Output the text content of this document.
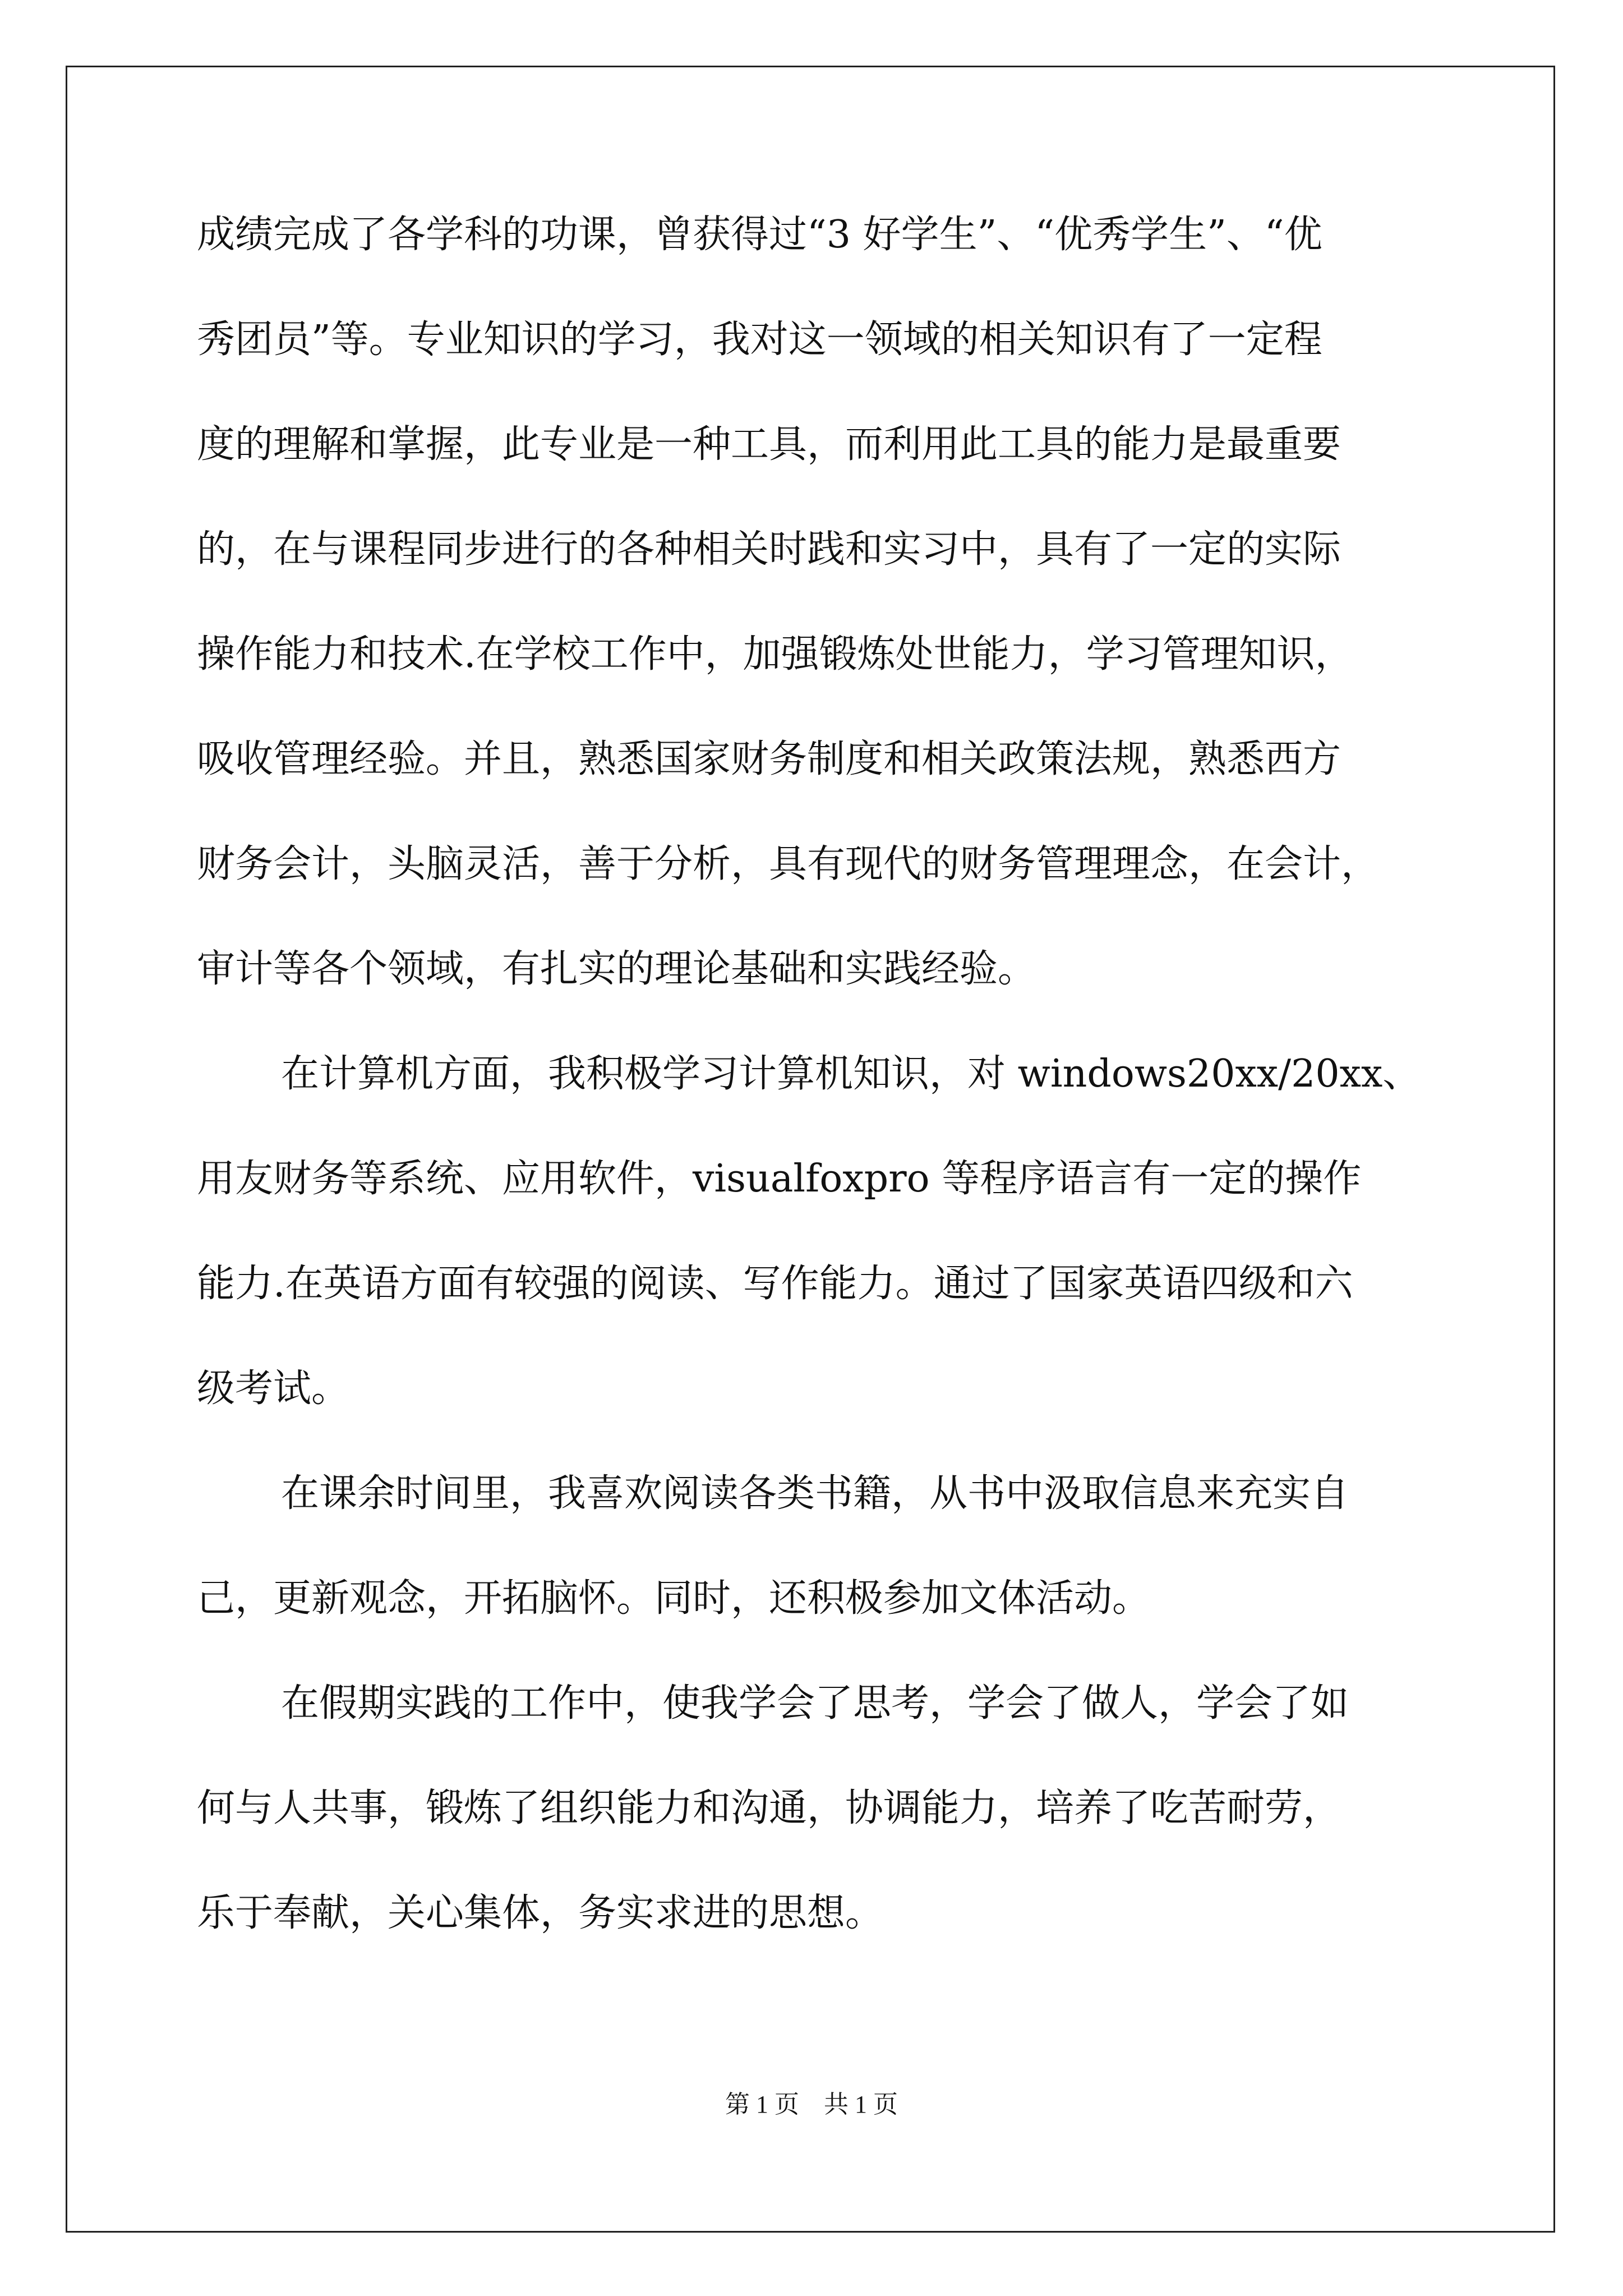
成绩完成了各学科的功课，曾获得过“3 好学生”、“优秀学生”、“优
秀团员”等。专业知识的学习，我对这一领域的相关知识有了一定程
度的理解和掌握，此专业是一种工具，而利用此工具的能力是最重要
的，在与课程同步进行的各种相关时践和实习中，具有了一定的实际
操作能力和技术.在学校工作中，加强锻炼处世能力，学习管理知识，
吸收管理经验。并且，熟悉国家财务制度和相关政策法规，熟悉西方
财务会计，头脑灵活，善于分析，具有现代的财务管理理念，在会计，
审计等各个领域，有扎实的理论基础和实践经验。
在计算机方面，我积极学习计算机知识，对 windows20xx/20xx、
用友财务等系统、应用软件，visualfoxpro 等程序语言有一定的操作
能力.在英语方面有较强的阅读、写作能力。通过了国家英语四级和六
级考试。
在课余时间里，我喜欢阅读各类书籍，从书中汲取信息来充实自
己，更新观念，开拓脑怀。同时，还积极参加文体活动。
在假期实践的工作中，使我学会了思考，学会了做人，学会了如
何与人共事，锻炼了组织能力和沟通，协调能力，培养了吃苦耐劳，
乐于奉献，关心集体，务实求进的思想。
第 1 页　共 1 页
